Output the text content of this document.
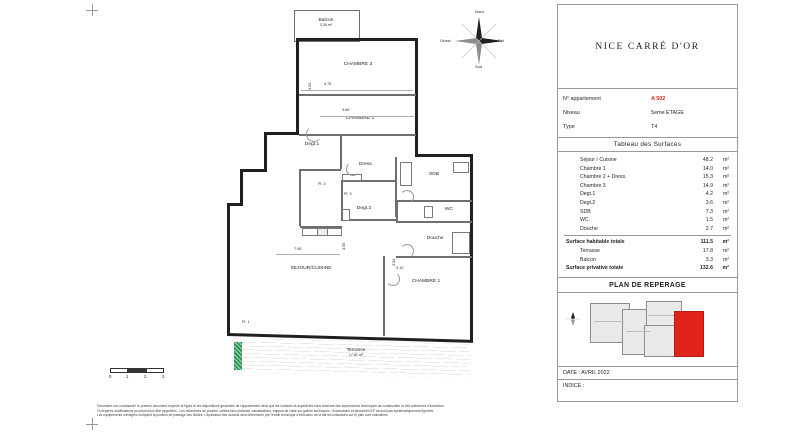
Balcon
3.30 m²
CHAMBRE 3
CHAMBRE 2
Degt.1
Dress.
SDB
Degt.2	WC
Douche
SEJOUR/CUISINE
CHAMBRE 1
Terrasse
17.81 m²
4.75
3.66
3.52
3.55
7.06
3.10
3.52
Pl. 1
Pl. 2
Pl. 3
Nord
Est
Sud
Ouest
0	1	2	3
Document non contractuel: le présent document exprime la figure et les dispositions générales de l'appartement ainsi que les surfaces et superficies sous réserves des imprécisions techniques de construction et des tolérances d'exécution.
Ou légères modifications pourront donc être apportées : Les retombées de poutres, coffres,faux plafonds, canalisations, trappes de visite sur gaines techniques , évacuations et descentes EP ne sont pas systématiquement figurées.
Les équipements ménagers indiquent la position de passage des fluides, L'épaisseur des isolants sera déterminée par l'étude technique d'exécution de la fait les indications sur le plan sont indicatives.
NICE CARRÉ D'OR
N° appartement	A 502
Niveau	5eme ETAGE
Type	T4
Tableau des Surfaces
Séjour / Cuisine	48.2	m²
Chambre 1	14.0	m²
Chambre 2 + Dress.	15.3	m²
Chambre 3	14.9	m²
Degt.1	4.2	m²
Degt.2	3.6	m²
SDB	7.3	m²
WC.	1.5	m²
Douche	2.7	m²
Surface habitable totale	111.5	m²
Terrasse	17.8	m²
Balcon	3.3	m²
Surface privative totale	132.6	m²
PLAN DE REPERAGE
DATE : AVRIL 2022
INDICE :
